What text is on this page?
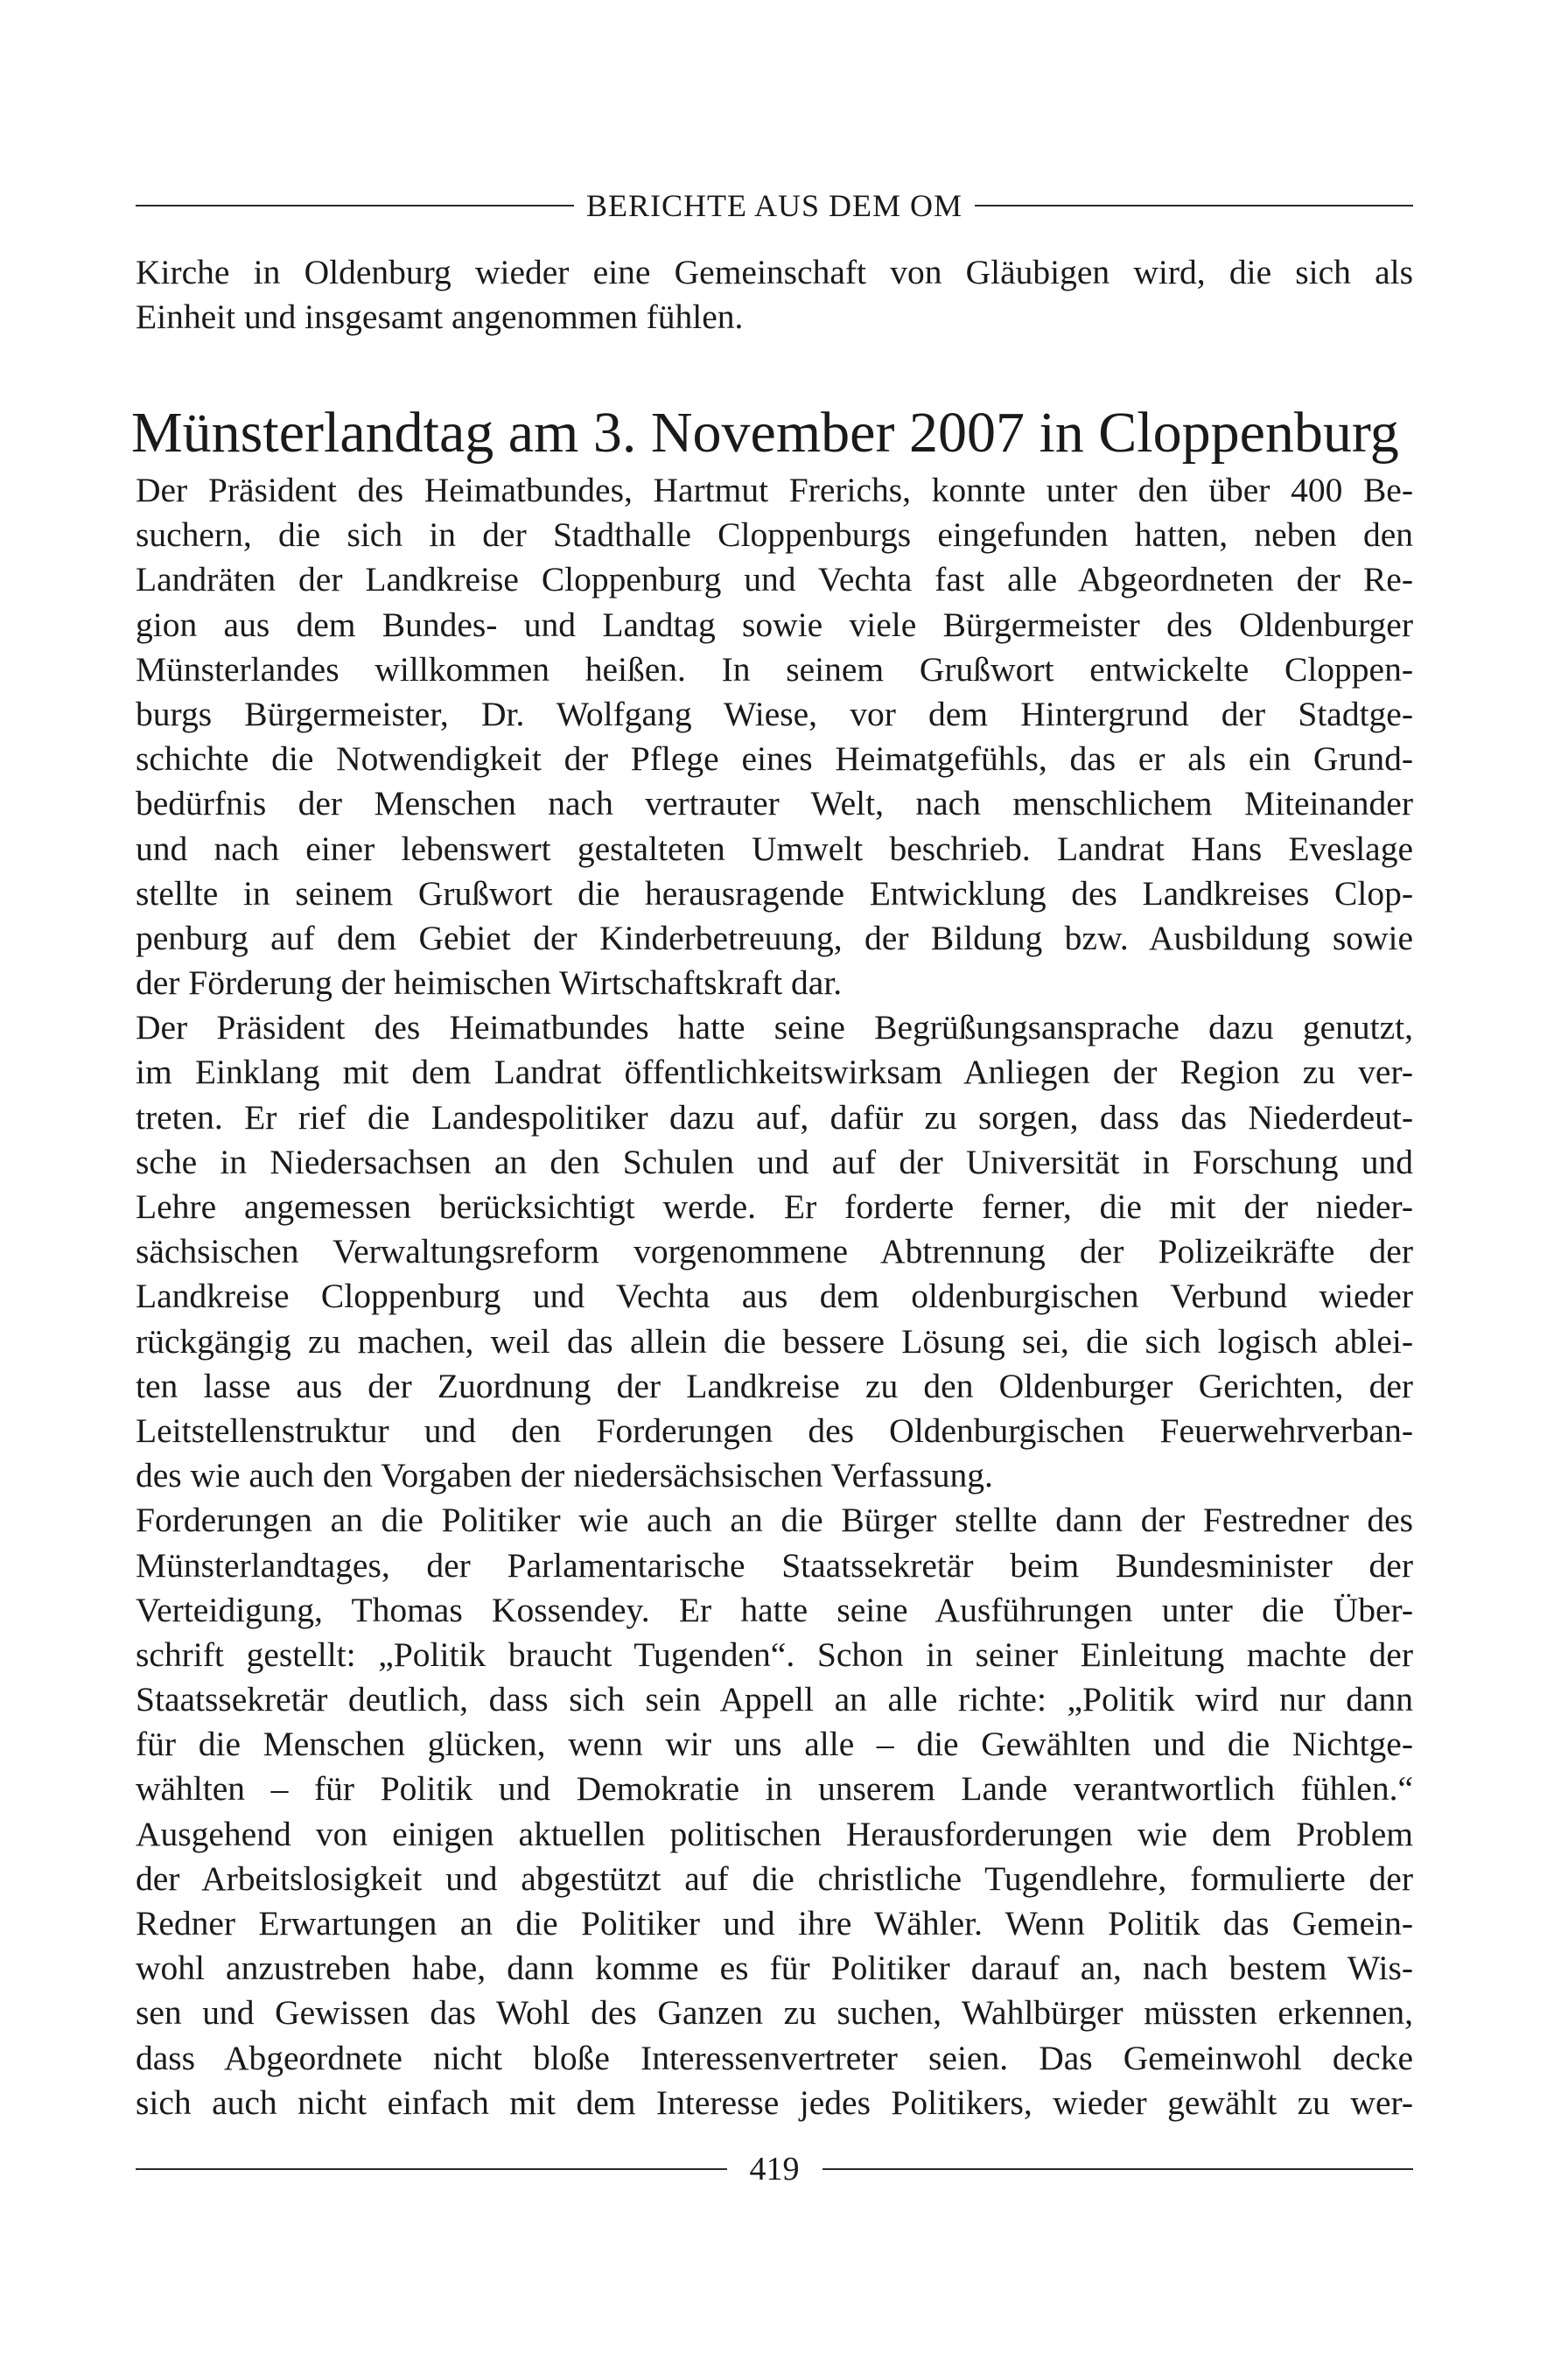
BERICHTE AUS DEM OM
Kirche in Oldenburg wieder eine Gemeinschaft von Gläubigen wird, die sich als
Einheit und insgesamt angenommen fühlen.
Münsterlandtag am 3. November 2007 in Cloppenburg
Der Präsident des Heimatbundes, Hartmut Frerichs, konnte unter den über 400 Be-
suchern, die sich in der Stadthalle Cloppenburgs eingefunden hatten, neben den
Landräten der Landkreise Cloppenburg und Vechta fast alle Abgeordneten der Re-
gion aus dem Bundes- und Landtag sowie viele Bürgermeister des Oldenburger
Münsterlandes willkommen heißen. In seinem Grußwort entwickelte Cloppen-
burgs Bürgermeister, Dr. Wolfgang Wiese, vor dem Hintergrund der Stadtge-
schichte die Notwendigkeit der Pflege eines Heimatgefühls, das er als ein Grund-
bedürfnis der Menschen nach vertrauter Welt, nach menschlichem Miteinander
und nach einer lebenswert gestalteten Umwelt beschrieb. Landrat Hans Eveslage
stellte in seinem Grußwort die herausragende Entwicklung des Landkreises Clop-
penburg auf dem Gebiet der Kinderbetreuung, der Bildung bzw. Ausbildung sowie
der Förderung der heimischen Wirtschaftskraft dar.
Der Präsident des Heimatbundes hatte seine Begrüßungsansprache dazu genutzt,
im Einklang mit dem Landrat öffentlichkeitswirksam Anliegen der Region zu ver-
treten. Er rief die Landespolitiker dazu auf, dafür zu sorgen, dass das Niederdeut-
sche in Niedersachsen an den Schulen und auf der Universität in Forschung und
Lehre angemessen berücksichtigt werde. Er forderte ferner, die mit der nieder-
sächsischen Verwaltungsreform vorgenommene Abtrennung der Polizeikräfte der
Landkreise Cloppenburg und Vechta aus dem oldenburgischen Verbund wieder
rückgängig zu machen, weil das allein die bessere Lösung sei, die sich logisch ablei-
ten lasse aus der Zuordnung der Landkreise zu den Oldenburger Gerichten, der
Leitstellenstruktur und den Forderungen des Oldenburgischen Feuerwehrverban-
des wie auch den Vorgaben der niedersächsischen Verfassung.
Forderungen an die Politiker wie auch an die Bürger stellte dann der Festredner des
Münsterlandtages, der Parlamentarische Staatssekretär beim Bundesminister der
Verteidigung, Thomas Kossendey. Er hatte seine Ausführungen unter die Über-
schrift gestellt: „Politik braucht Tugenden“. Schon in seiner Einleitung machte der
Staatssekretär deutlich, dass sich sein Appell an alle richte: „Politik wird nur dann
für die Menschen glücken, wenn wir uns alle – die Gewählten und die Nichtge-
wählten – für Politik und Demokratie in unserem Lande verantwortlich fühlen.“
Ausgehend von einigen aktuellen politischen Herausforderungen wie dem Problem
der Arbeitslosigkeit und abgestützt auf die christliche Tugendlehre, formulierte der
Redner Erwartungen an die Politiker und ihre Wähler. Wenn Politik das Gemein-
wohl anzustreben habe, dann komme es für Politiker darauf an, nach bestem Wis-
sen und Gewissen das Wohl des Ganzen zu suchen, Wahlbürger müssten erkennen,
dass Abgeordnete nicht bloße Interessenvertreter seien. Das Gemeinwohl decke
sich auch nicht einfach mit dem Interesse jedes Politikers, wieder gewählt zu wer-
419
